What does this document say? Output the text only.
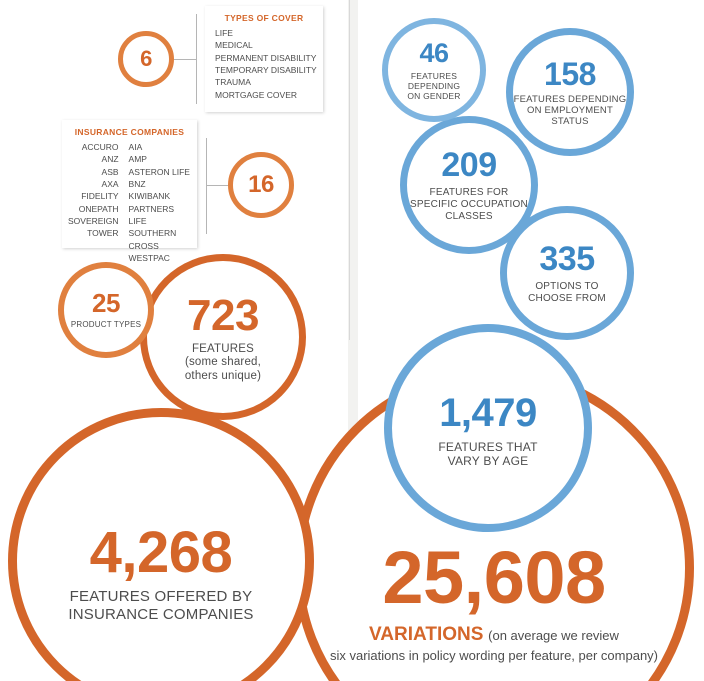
TYPES OF COVER
LIFE
MEDICAL
PERMANENT DISABILITY
TEMPORARY DISABILITY
TRAUMA
MORTGAGE COVER
6
INSURANCE COMPANIES
ACCURO
ANZ
ASB
AXA
FIDELITY
ONEPATH
SOVEREIGN
TOWER
AIA
AMP
ASTERON LIFE
BNZ
KIWIBANK
PARTNERS LIFE
SOUTHERN CROSS
WESTPAC
16
25,608
VARIATIONS (on average we review
six variations in policy wording per feature, per company)
4,268
FEATURES OFFERED BY
INSURANCE COMPANIES
1,479
FEATURES THAT
VARY BY AGE
723
FEATURES
(some shared,
others unique)
25
PRODUCT TYPES
335
OPTIONS TO
CHOOSE FROM
209
FEATURES FOR
SPECIFIC OCCUPATION
CLASSES
158
FEATURES DEPENDING
ON EMPLOYMENT
STATUS
46
FEATURES DEPENDING
ON GENDER
